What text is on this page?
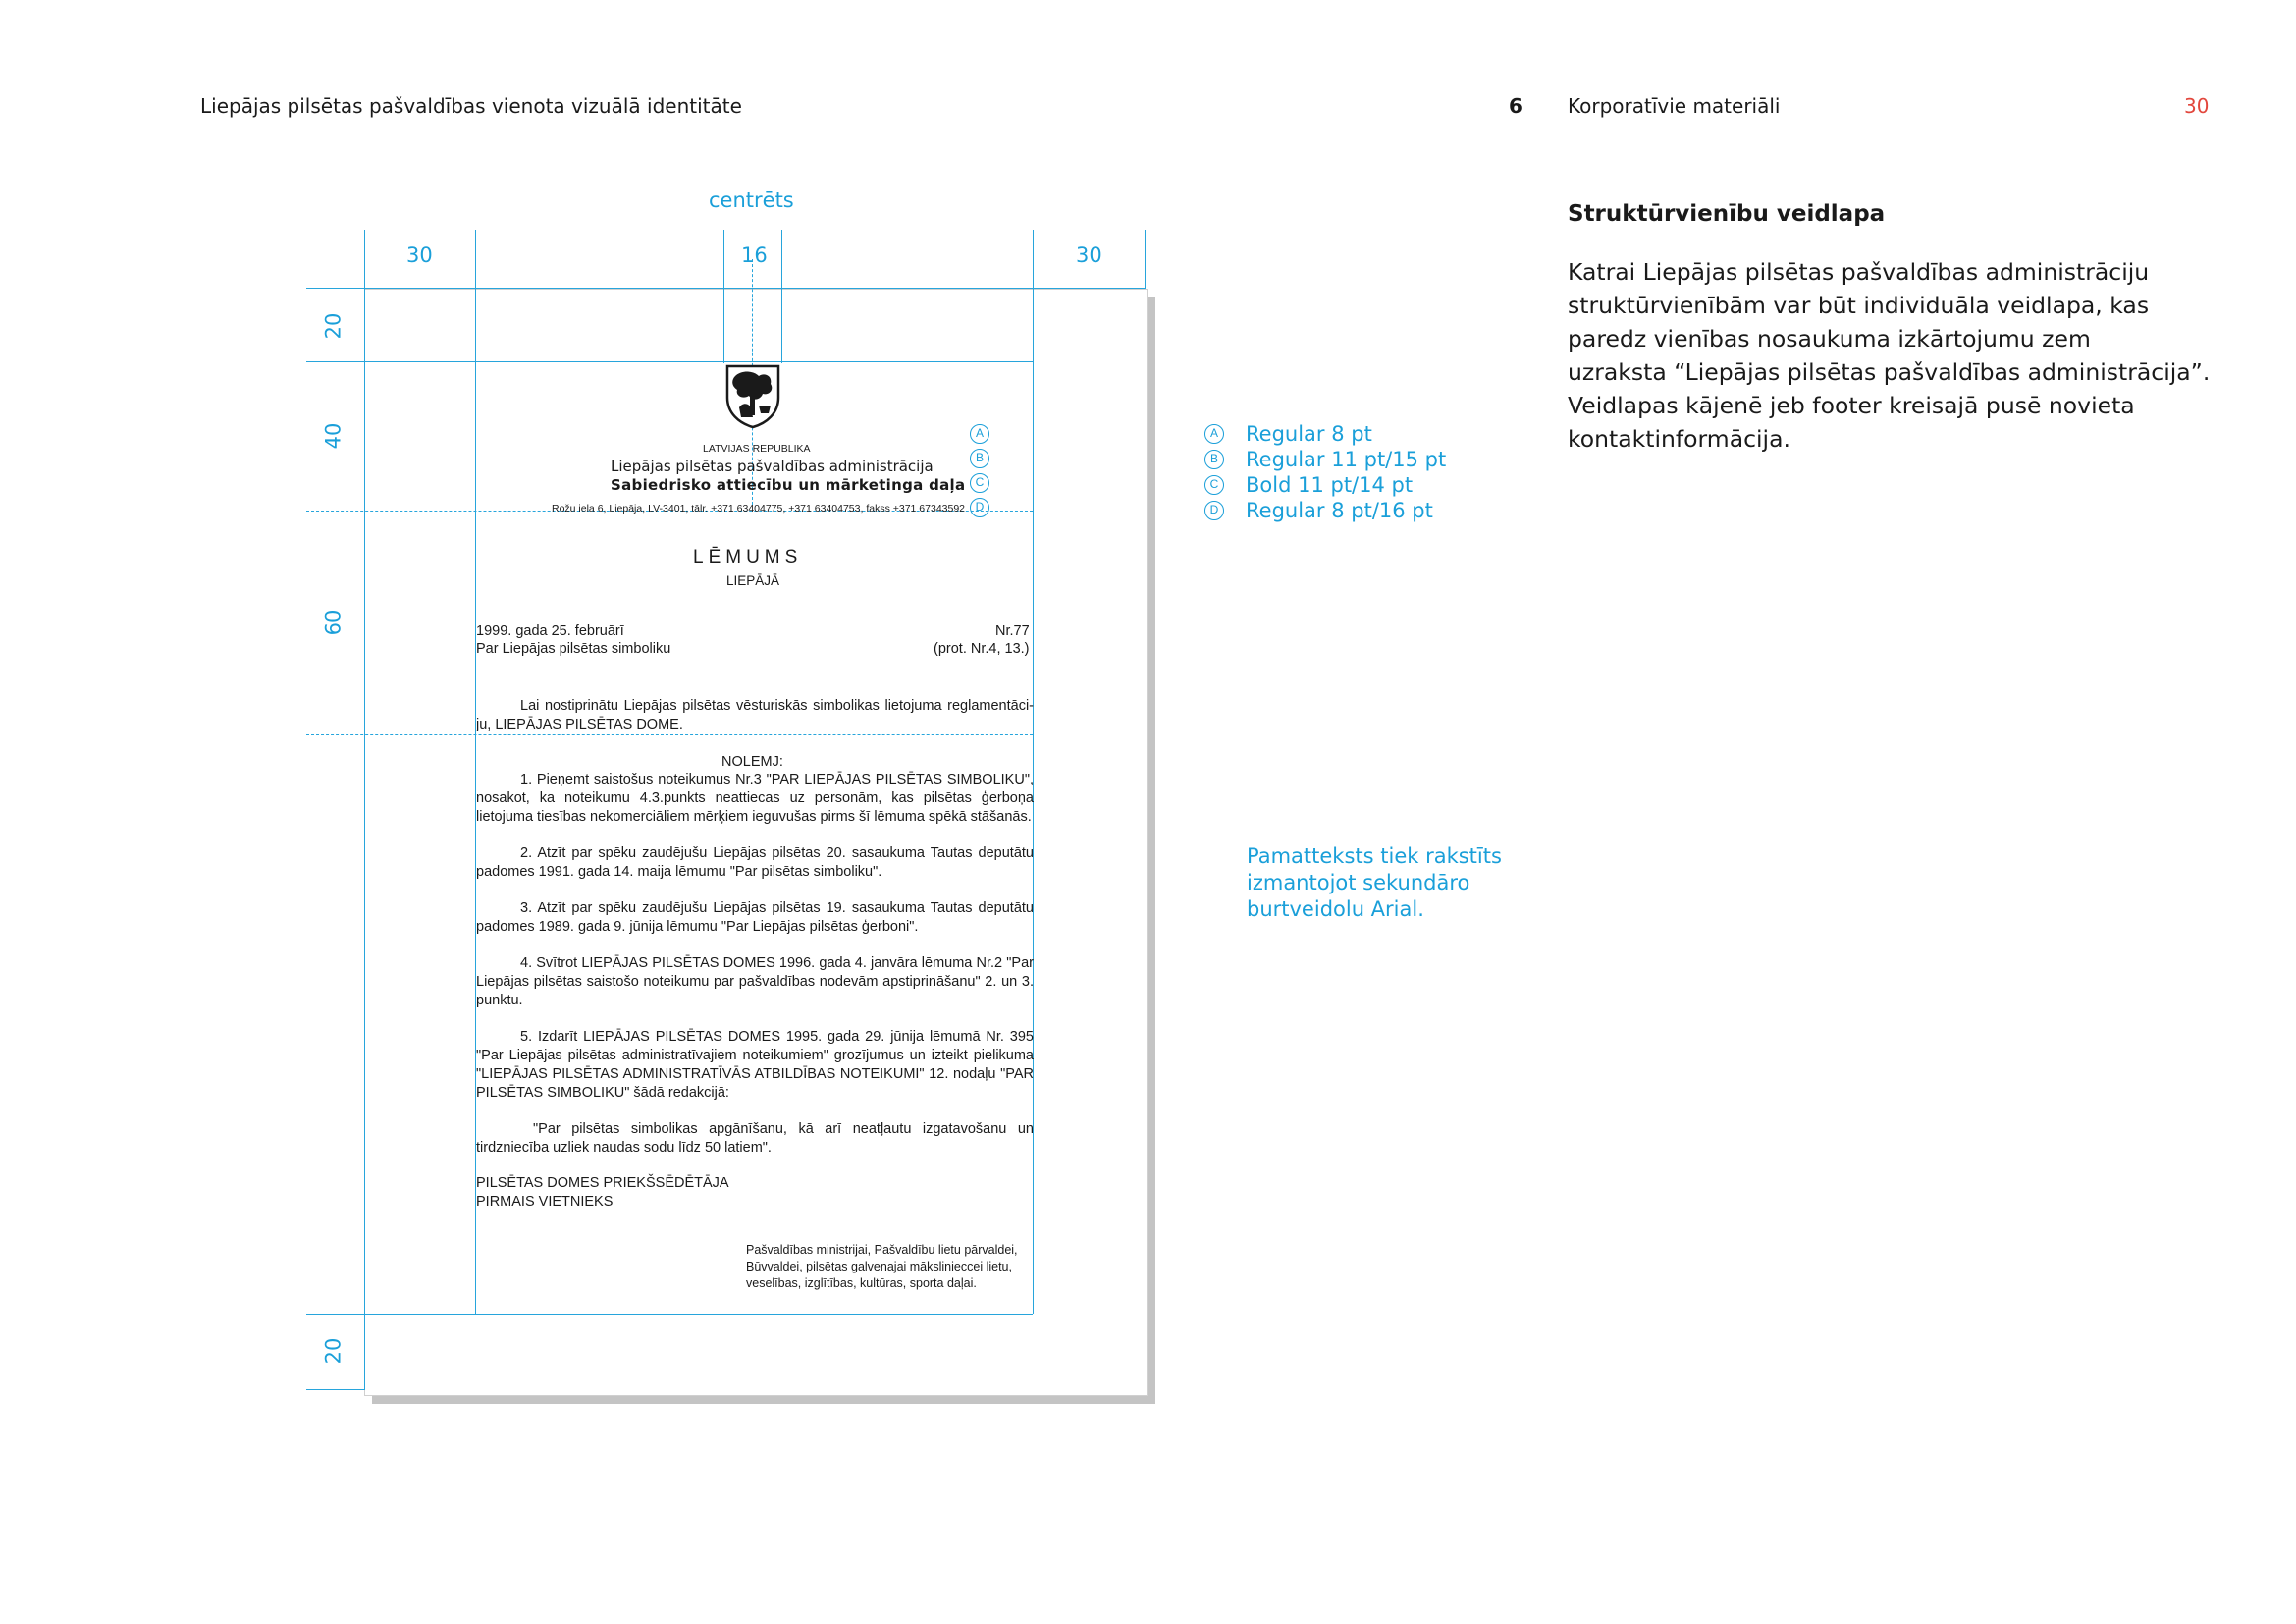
Liepājas pilsētas pašvaldības vienota vizuālā identitāte	6 Korporatīvie materiāli	30
centrēts
30	16	30
20
40
60
20
LATVIJAS REPUBLIKA
Liepājas pilsētas pašvaldības administrācija
Sabiedrisko attiecību un mārketinga daļa
Rožu iela 6, Liepāja, LV-3401, tālr. +371 63404775, +371 63404753, fakss +371 67343592
A
B
C
D
LĒMUMS
LIEPĀJĀ
1999. gada 25. februārī	Nr.77
Par Liepājas pilsētas simboliku	(prot. Nr.4, 13.)
Lai nostiprinātu Liepājas pilsētas vēsturiskās simbolikas lietojuma reglamentāci-ju, LIEPĀJAS PILSĒTAS DOME.
NOLEMJ:
1. Pieņemt saistošus noteikumus Nr.3 "PAR LIEPĀJAS PILSĒTAS SIMBOLIKU", nosakot, ka noteikumu 4.3.punkts neattiecas uz personām, kas pilsētas ģerboņa lietojuma tiesības nekomerciāliem mērķiem ieguvušas pirms šī lēmuma spēkā stāšanās.
2. Atzīt par spēku zaudējušu Liepājas pilsētas 20. sasaukuma Tautas deputātu padomes 1991. gada 14. maija lēmumu "Par pilsētas simboliku".
3. Atzīt par spēku zaudējušu Liepājas pilsētas 19. sasaukuma Tautas deputātu padomes 1989. gada 9. jūnija lēmumu "Par Liepājas pilsētas ģerboni".
4. Svītrot LIEPĀJAS PILSĒTAS DOMES 1996. gada 4. janvāra lēmuma Nr.2 "Par Liepājas pilsētas saistošo noteikumu par pašvaldības nodevām apstiprināšanu" 2. un 3. punktu.
5. Izdarīt LIEPĀJAS PILSĒTAS DOMES 1995. gada 29. jūnija lēmumā Nr. 395 "Par Liepājas pilsētas administratīvajiem noteikumiem" grozījumus un izteikt pielikuma "LIEPĀJAS PILSĒTAS ADMINISTRATĪVĀS ATBILDĪBAS NOTEIKUMI" 12. nodaļu "PAR PILSĒTAS SIMBOLIKU" šādā redakcijā:
"Par pilsētas simbolikas apgānīšanu, kā arī neatļautu izgatavošanu un tirdzniecība uzliek naudas sodu līdz 50 latiem".
PILSĒTAS DOMES PRIEKŠSĒDĒTĀJA
PIRMAIS VIETNIEKS
Pašvaldības ministrijai, Pašvaldību lietu pārvaldei,
Būvvaldei, pilsētas galvenajai mākslinieccei lietu,
veselības, izglītības, kultūras, sporta daļai.
A Regular 8 pt
B Regular 11 pt/15 pt
C Bold 11 pt/14 pt
D Regular 8 pt/16 pt
Pamatteksts tiek rakstīts
izmantojot sekundāro
burtveidolu Arial.
Struktūrvienību veidlapa
Katrai Liepājas pilsētas pašvaldības administrāciju
struktūrvienībām var būt individuāla veidlapa, kas
paredz vienības nosaukuma izkārtojumu zem
uzraksta “Liepājas pilsētas pašvaldības administrācija”.
Veidlapas kājenē jeb footer kreisajā pusē novieta
kontaktinformācija.
